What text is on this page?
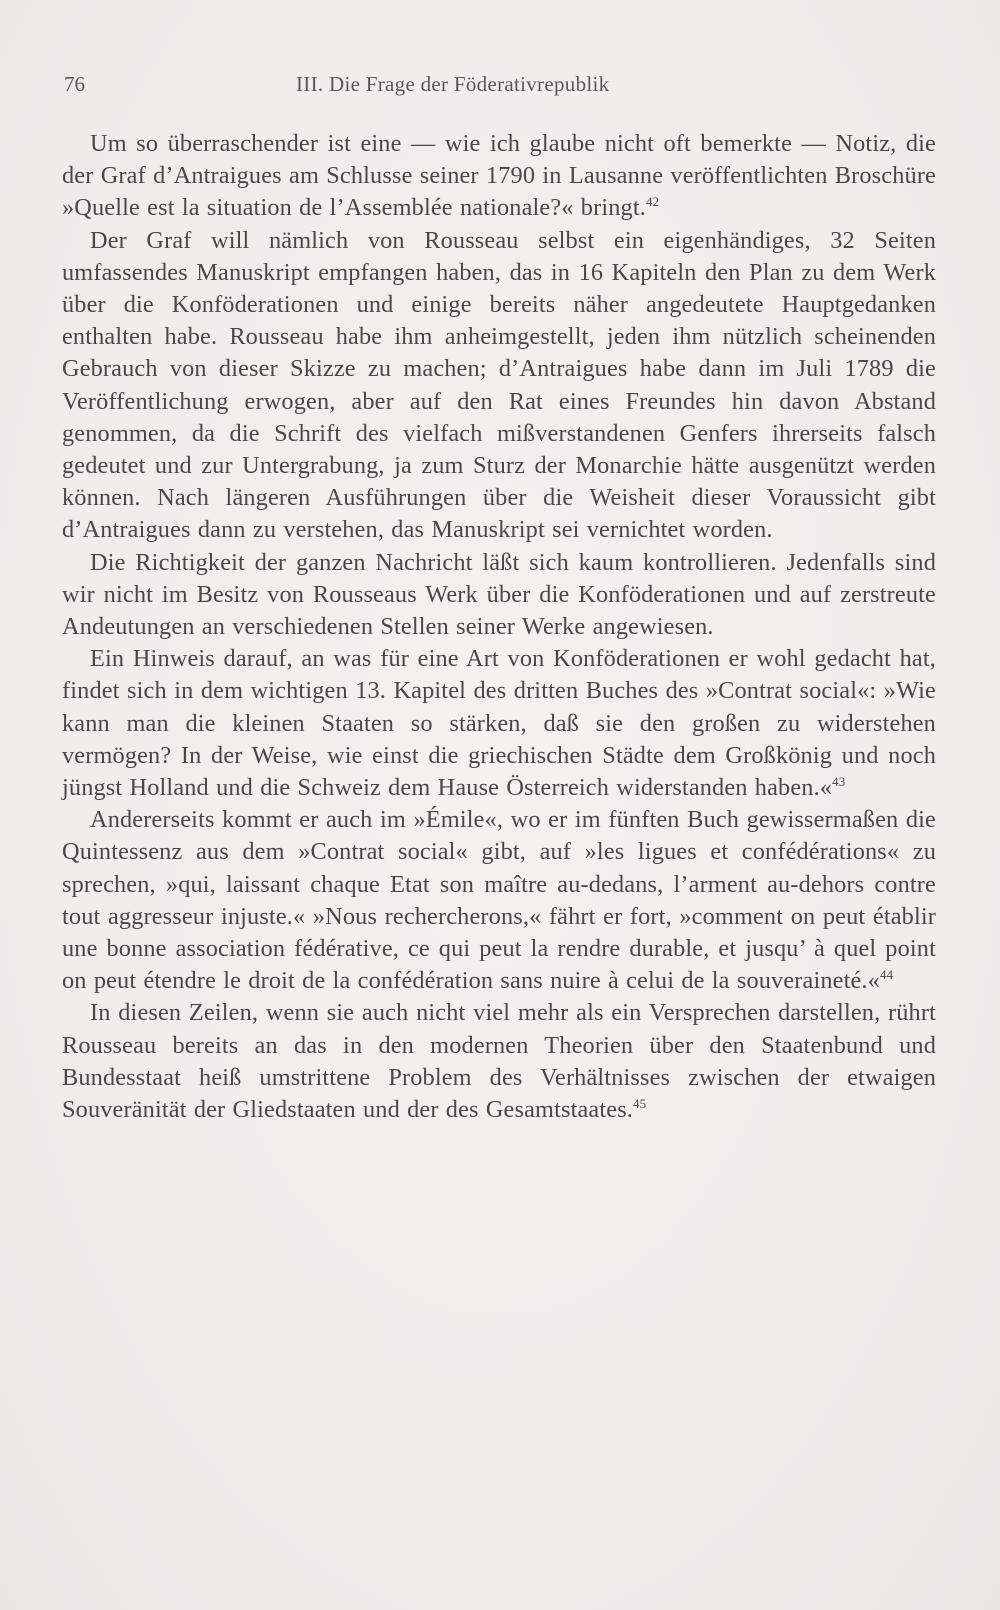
76	III. Die Frage der Föderativrepublik

Um so überraschender ist eine — wie ich glaube nicht oft bemerkte — Notiz, die der Graf d’Antraigues am Schlusse seiner 1790 in Lausanne veröffentlichten Broschüre »Quelle est la situation de l’Assemblée nationale?« bringt.$^{42}$

Der Graf will nämlich von Rousseau selbst ein eigenhändiges, 32 Seiten umfassendes Manuskript empfangen haben, das in 16 Kapiteln den Plan zu dem Werk über die Konföderationen und einige bereits näher angedeutete Hauptgedanken enthalten habe. Rousseau habe ihm anheimgestellt, jeden ihm nützlich scheinenden Gebrauch von dieser Skizze zu machen; d’Antraigues habe dann im Juli 1789 die Veröffentlichung erwogen, aber auf den Rat eines Freundes hin davon Abstand genommen, da die Schrift des vielfach mißverstandenen Genfers ihrerseits falsch gedeutet und zur Untergrabung, ja zum Sturz der Monarchie hätte ausgenützt werden können. Nach längeren Ausführungen über die Weisheit dieser Voraussicht gibt d’Antraigues dann zu verstehen, das Manuskript sei vernichtet worden.

Die Richtigkeit der ganzen Nachricht läßt sich kaum kontrollieren. Jedenfalls sind wir nicht im Besitz von Rousseaus Werk über die Konföderationen und auf zerstreute Andeutungen an verschiedenen Stellen seiner Werke angewiesen.

Ein Hinweis darauf, an was für eine Art von Konföderationen er wohl gedacht hat, findet sich in dem wichtigen 13. Kapitel des dritten Buches des »Contrat social«: »Wie kann man die kleinen Staaten so stärken, daß sie den großen zu widerstehen vermögen? In der Weise, wie einst die griechischen Städte dem Großkönig und noch jüngst Holland und die Schweiz dem Hause Österreich widerstanden haben.«$^{43}$

Andererseits kommt er auch im »Émile«, wo er im fünften Buch gewissermaßen die Quintessenz aus dem »Contrat social« gibt, auf »les ligues et confédérations« zu sprechen, »qui, laissant chaque Etat son maître au-dedans, l’arment au-dehors contre tout aggresseur injuste.« »Nous rechercherons,« fährt er fort, »comment on peut établir une bonne association fédérative, ce qui peut la rendre durable, et jusqu’ à quel point on peut étendre le droit de la confédération sans nuire à celui de la souveraineté.«$^{44}$

In diesen Zeilen, wenn sie auch nicht viel mehr als ein Versprechen darstellen, rührt Rousseau bereits an das in den modernen Theorien über den Staatenbund und Bundesstaat heiß umstrittene Problem des Verhältnisses zwischen der etwaigen Souveränität der Gliedstaaten und der des Gesamtstaates.$^{45}$
